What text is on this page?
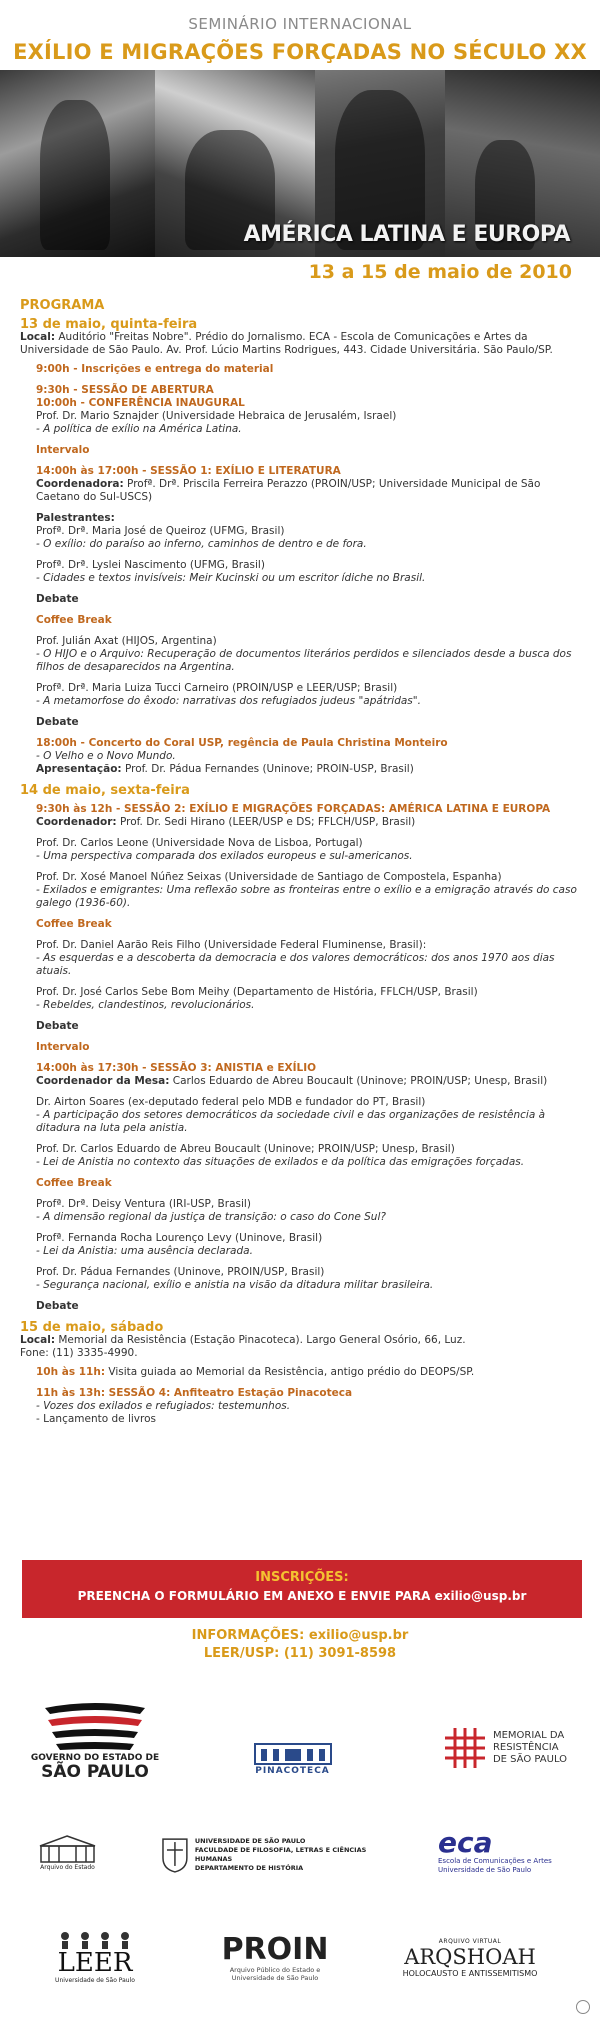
SEMINÁRIO INTERNACIONAL
EXÍLIO E MIGRAÇÕES FORÇADAS NO SÉCULO XX
AMÉRICA LATINA E EUROPA
13 a 15 de maio de 2010
PROGRAMA
13 de maio, quinta-feira
Local: Auditório "Freitas Nobre". Prédio do Jornalismo. ECA - Escola de Comunicações e Artes da Universidade de São Paulo. Av. Prof. Lúcio Martins Rodrigues, 443. Cidade Universitária. São Paulo/SP.
9:00h - Inscrições e entrega do material
9:30h - SESSÃO DE ABERTURA
10:00h - CONFERÊNCIA INAUGURAL
Prof. Dr. Mario Sznajder (Universidade Hebraica de Jerusalém, Israel)
- A política de exílio na América Latina.
Intervalo
14:00h às 17:00h - SESSÃO 1: EXÍLIO E LITERATURA
Coordenadora: Profª. Drª. Priscila Ferreira Perazzo (PROIN/USP; Universidade Municipal de São Caetano do Sul-USCS)
Palestrantes:
Profª. Drª. Maria José de Queiroz (UFMG, Brasil)
- O exílio: do paraíso ao inferno, caminhos de dentro e de fora.
Profª. Drª. Lyslei Nascimento (UFMG, Brasil)
- Cidades e textos invisíveis: Meir Kucinski ou um escritor ídiche no Brasil.
Debate
Coffee Break
Prof. Julián Axat (HIJOS, Argentina)
- O HIJO e o Arquivo: Recuperação de documentos literários perdidos e silenciados desde a busca dos filhos de desaparecidos na Argentina.
Profª. Drª. Maria Luiza Tucci Carneiro (PROIN/USP e LEER/USP; Brasil)
- A metamorfose do êxodo: narrativas dos refugiados judeus "apátridas".
Debate
18:00h - Concerto do Coral USP, regência de Paula Christina Monteiro
- O Velho e o Novo Mundo.
Apresentação: Prof. Dr. Pádua Fernandes (Uninove; PROIN-USP, Brasil)
14 de maio, sexta-feira
9:30h às 12h - SESSÃO 2: EXÍLIO E MIGRAÇÕES FORÇADAS: AMÉRICA LATINA E EUROPA
Coordenador: Prof. Dr. Sedi Hirano (LEER/USP e DS; FFLCH/USP, Brasil)
Prof. Dr. Carlos Leone (Universidade Nova de Lisboa, Portugal)
- Uma perspectiva comparada dos exilados europeus e sul-americanos.
Prof. Dr. Xosé Manoel Núñez Seixas (Universidade de Santiago de Compostela, Espanha)
- Exilados e emigrantes: Uma reflexão sobre as fronteiras entre o exílio e a emigração através do caso galego (1936-60).
Coffee Break
Prof. Dr. Daniel Aarão Reis Filho (Universidade Federal Fluminense, Brasil):
- As esquerdas e a descoberta da democracia e dos valores democráticos: dos anos 1970 aos dias atuais.
Prof. Dr. José Carlos Sebe Bom Meihy (Departamento de História, FFLCH/USP, Brasil)
- Rebeldes, clandestinos, revolucionários.
Debate
Intervalo
14:00h às 17:30h - SESSÃO 3: ANISTIA e EXÍLIO
Coordenador da Mesa: Carlos Eduardo de Abreu Boucault (Uninove; PROIN/USP; Unesp, Brasil)
Dr. Airton Soares (ex-deputado federal pelo MDB e fundador do PT, Brasil)
- A participação dos setores democráticos da sociedade civil e das organizações de resistência à ditadura na luta pela anistia.
Prof. Dr. Carlos Eduardo de Abreu Boucault (Uninove; PROIN/USP; Unesp, Brasil)
- Lei de Anistia no contexto das situações de exilados e da política das emigrações forçadas.
Coffee Break
Profª. Drª. Deisy Ventura (IRI-USP, Brasil)
- A dimensão regional da justiça de transição: o caso do Cone Sul?
Profª. Fernanda Rocha Lourenço Levy (Uninove, Brasil)
- Lei da Anistia: uma ausência declarada.
Prof. Dr. Pádua Fernandes (Uninove, PROIN/USP, Brasil)
- Segurança nacional, exílio e anistia na visão da ditadura militar brasileira.
Debate
15 de maio, sábado
Local: Memorial da Resistência (Estação Pinacoteca). Largo General Osório, 66, Luz.
Fone: (11) 3335-4990.
10h às 11h: Visita guiada ao Memorial da Resistência, antigo prédio do DEOPS/SP.
11h às 13h: SESSÃO 4: Anfiteatro Estação Pinacoteca
- Vozes dos exilados e refugiados: testemunhos.
- Lançamento de livros
INSCRIÇÕES:
PREENCHA O FORMULÁRIO EM ANEXO E ENVIE PARA exilio@usp.br
INFORMAÇÕES: exilio@usp.br
LEER/USP: (11) 3091-8598
GOVERNO DO ESTADO DE
SÃO PAULO	PINACOTECA
MEMORIAL DA
RESISTÊNCIA
DE SÃO PAULO
Arquivo do Estado
UNIVERSIDADE DE SÃO PAULO
FACULDADE DE FILOSOFIA, LETRAS E CIÊNCIAS HUMANAS
DEPARTAMENTO DE HISTÓRIA
eca
Escola de Comunicações e Artes
Universidade de São Paulo
LEER
Universidade de São Paulo
PROIN
Arquivo Público do Estado e
Universidade de São Paulo
ARQUIVO VIRTUAL
ARQSHOAH
HOLOCAUSTO E ANTISSEMITISMO
